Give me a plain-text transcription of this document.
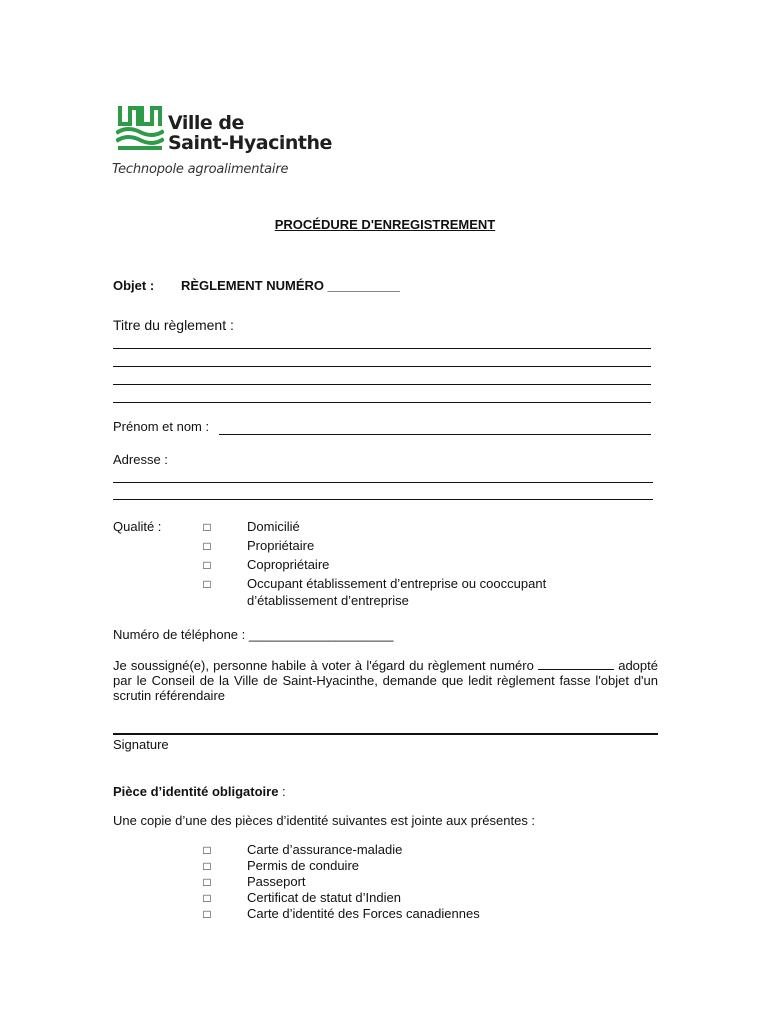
Ville de
Saint-Hyacinthe
Technopole agroalimentaire
PROCÉDURE D'ENREGISTREMENT
Objet : RÈGLEMENT NUMÉRO __________
Titre du règlement :
Prénom et nom :
Adresse :
Qualité :	□	Domicilié
□	Propriétaire
□	Copropriétaire
□	Occupant établissement d’entreprise ou cooccupant
d’établissement d’entreprise
Numéro de téléphone : ____________________
Je soussigné(e), personne habile à voter à l'égard du règlement numéro	adopté par le Conseil de la Ville de Saint-Hyacinthe, demande que ledit règlement fasse l'objet d'un scrutin référendaire
Signature
Pièce d’identité obligatoire :
Une copie d’une des pièces d’identité suivantes est jointe aux présentes :
□	Carte d’assurance-maladie
□	Permis de conduire
□	Passeport
□	Certificat de statut d’Indien
□	Carte d’identité des Forces canadiennes
